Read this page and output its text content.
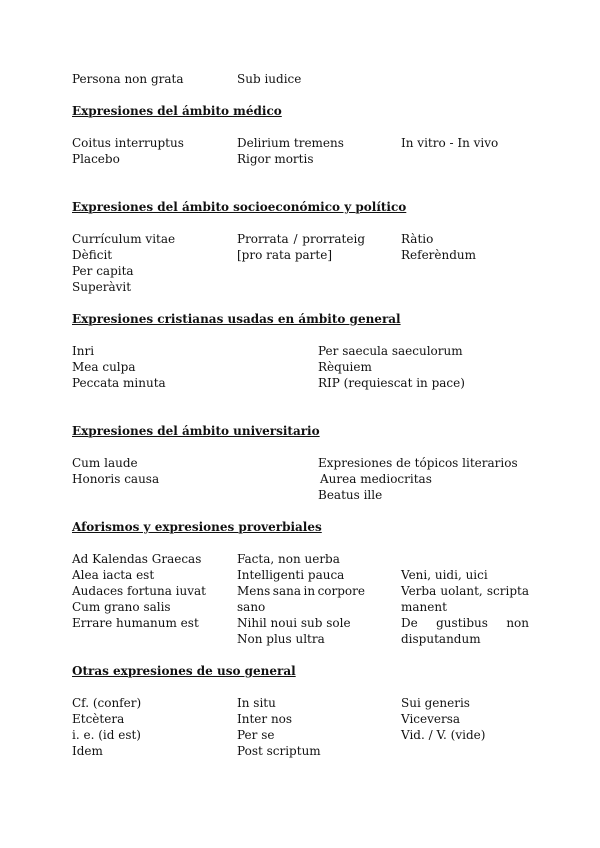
Persona non grata	Sub iudice
Expresiones del ámbito médico
Coitus interruptus
Placebo
Delirium tremens
Rigor mortis
In vitro - In vivo
Expresiones del ámbito socioeconómico y político
Currículum vitae
Dèficit
Per capita
Superàvit
Prorrata / prorrateig
[pro rata parte]
Ràtio
Referèndum
Expresiones cristianas usadas en ámbito general
Inri
Mea culpa
Peccata minuta
Per saecula saeculorum
Rèquiem
RIP (requiescat in pace)
Expresiones del ámbito universitario
Cum laude
Honoris causa
Expresiones de tópicos literarios
Aurea mediocritas
Beatus ille
Aforismos y expresiones proverbiales
Ad Kalendas Graecas
Alea iacta est
Audaces fortuna iuvat
Cum grano salis
Errare humanum est
Facta, non uerba
Intelligenti pauca
Mens sana in corpore
sano
Nihil noui sub sole
Non plus ultra
Veni, uidi, uici
Verba uolant, scripta
manent
De gustibus non
disputandum
Otras expresiones de uso general
Cf. (confer)
Etcètera
i. e. (id est)
Idem
In situ
Inter nos
Per se
Post scriptum
Sui generis
Viceversa
Vid. / V. (vide)
